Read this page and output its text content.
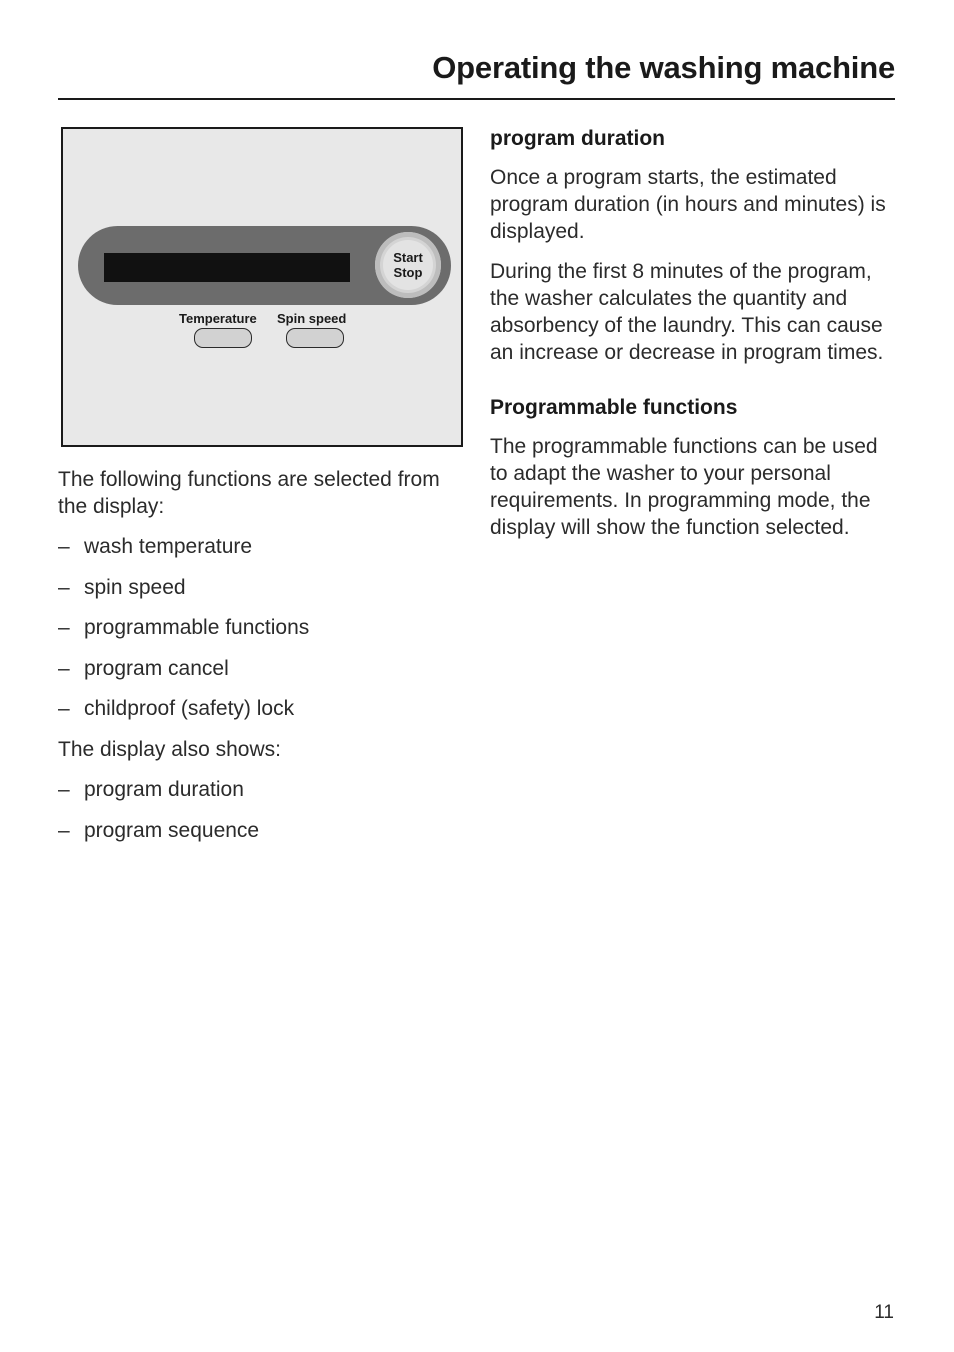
Operating the washing machine
Start
Stop
Temperature Spin speed

The following functions are selected from the display:

– wash temperature
– spin speed
– programmable functions
– program cancel
– childproof (safety) lock

The display also shows:

– program duration
– program sequence
program duration

Once a program starts, the estimated program duration (in hours and minutes) is displayed.

During the first 8 minutes of the program, the washer calculates the quantity and absorbency of the laundry. This can cause an increase or decrease in program times.

Programmable functions

The programmable functions can be used to adapt the washer to your personal requirements. In programming mode, the display will show the function selected.

11
